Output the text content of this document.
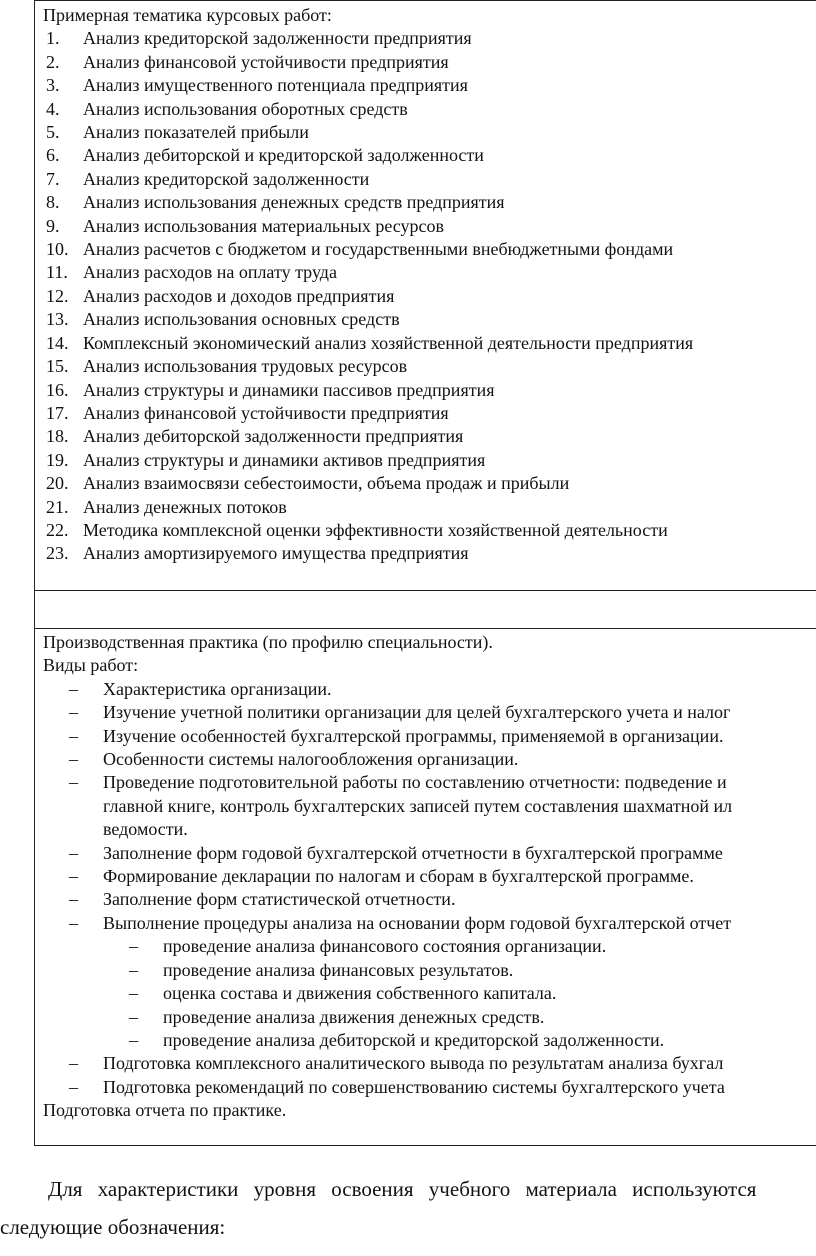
Примерная тематика курсовых работ:
1.	Анализ кредиторской задолженности предприятия
2.	Анализ финансовой устойчивости предприятия
3.	Анализ имущественного потенциала предприятия
4.	Анализ использования оборотных средств
5.	Анализ показателей прибыли
6.	Анализ дебиторской и кредиторской задолженности
7.	Анализ кредиторской задолженности
8.	Анализ использования денежных средств предприятия
9.	Анализ использования материальных ресурсов
10. Анализ расчетов с бюджетом и государственными внебюджетными фондами
11. Анализ расходов на оплату труда
12. Анализ расходов и доходов предприятия
13. Анализ использования основных средств
14. Комплексный экономический анализ хозяйственной деятельности предприятия
15. Анализ использования трудовых ресурсов
16. Анализ структуры и динамики пассивов предприятия
17. Анализ финансовой устойчивости предприятия
18. Анализ дебиторской задолженности предприятия
19. Анализ структуры и динамики активов предприятия
20. Анализ взаимосвязи себестоимости, объема продаж и прибыли
21. Анализ денежных потоков
22. Методика комплексной оценки эффективности хозяйственной деятельности
23. Анализ амортизируемого имущества предприятия
Производственная практика (по профилю специальности).
Виды работ:
–	Характеристика организации.
–	Изучение учетной политики организации для целей бухгалтерского учета и налог
–	Изучение особенностей бухгалтерской программы, применяемой в организации.
–	Особенности системы налогообложения организации.
–	Проведение подготовительной работы по составлению отчетности: подведение и
главной книге, контроль бухгалтерских записей путем составления шахматной ил
ведомости.
–	Заполнение форм годовой бухгалтерской отчетности в бухгалтерской программе
–	Формирование декларации по налогам и сборам в бухгалтерской программе.
–	Заполнение форм статистической отчетности.
–	Выполнение процедуры анализа на основании форм годовой бухгалтерской отчет
–	проведение анализа финансового состояния организации.
–	проведение анализа финансовых результатов.
–	оценка состава и движения собственного капитала.
–	проведение анализа движения денежных средств.
–	проведение анализа дебиторской и кредиторской задолженности.
–	Подготовка комплексного аналитического вывода по результатам анализа бухгал
–	Подготовка рекомендаций по совершенствованию системы бухгалтерского учета
Подготовка отчета по практике.
Для характеристики уровня освоения учебного материала используются
следующие обозначения:
